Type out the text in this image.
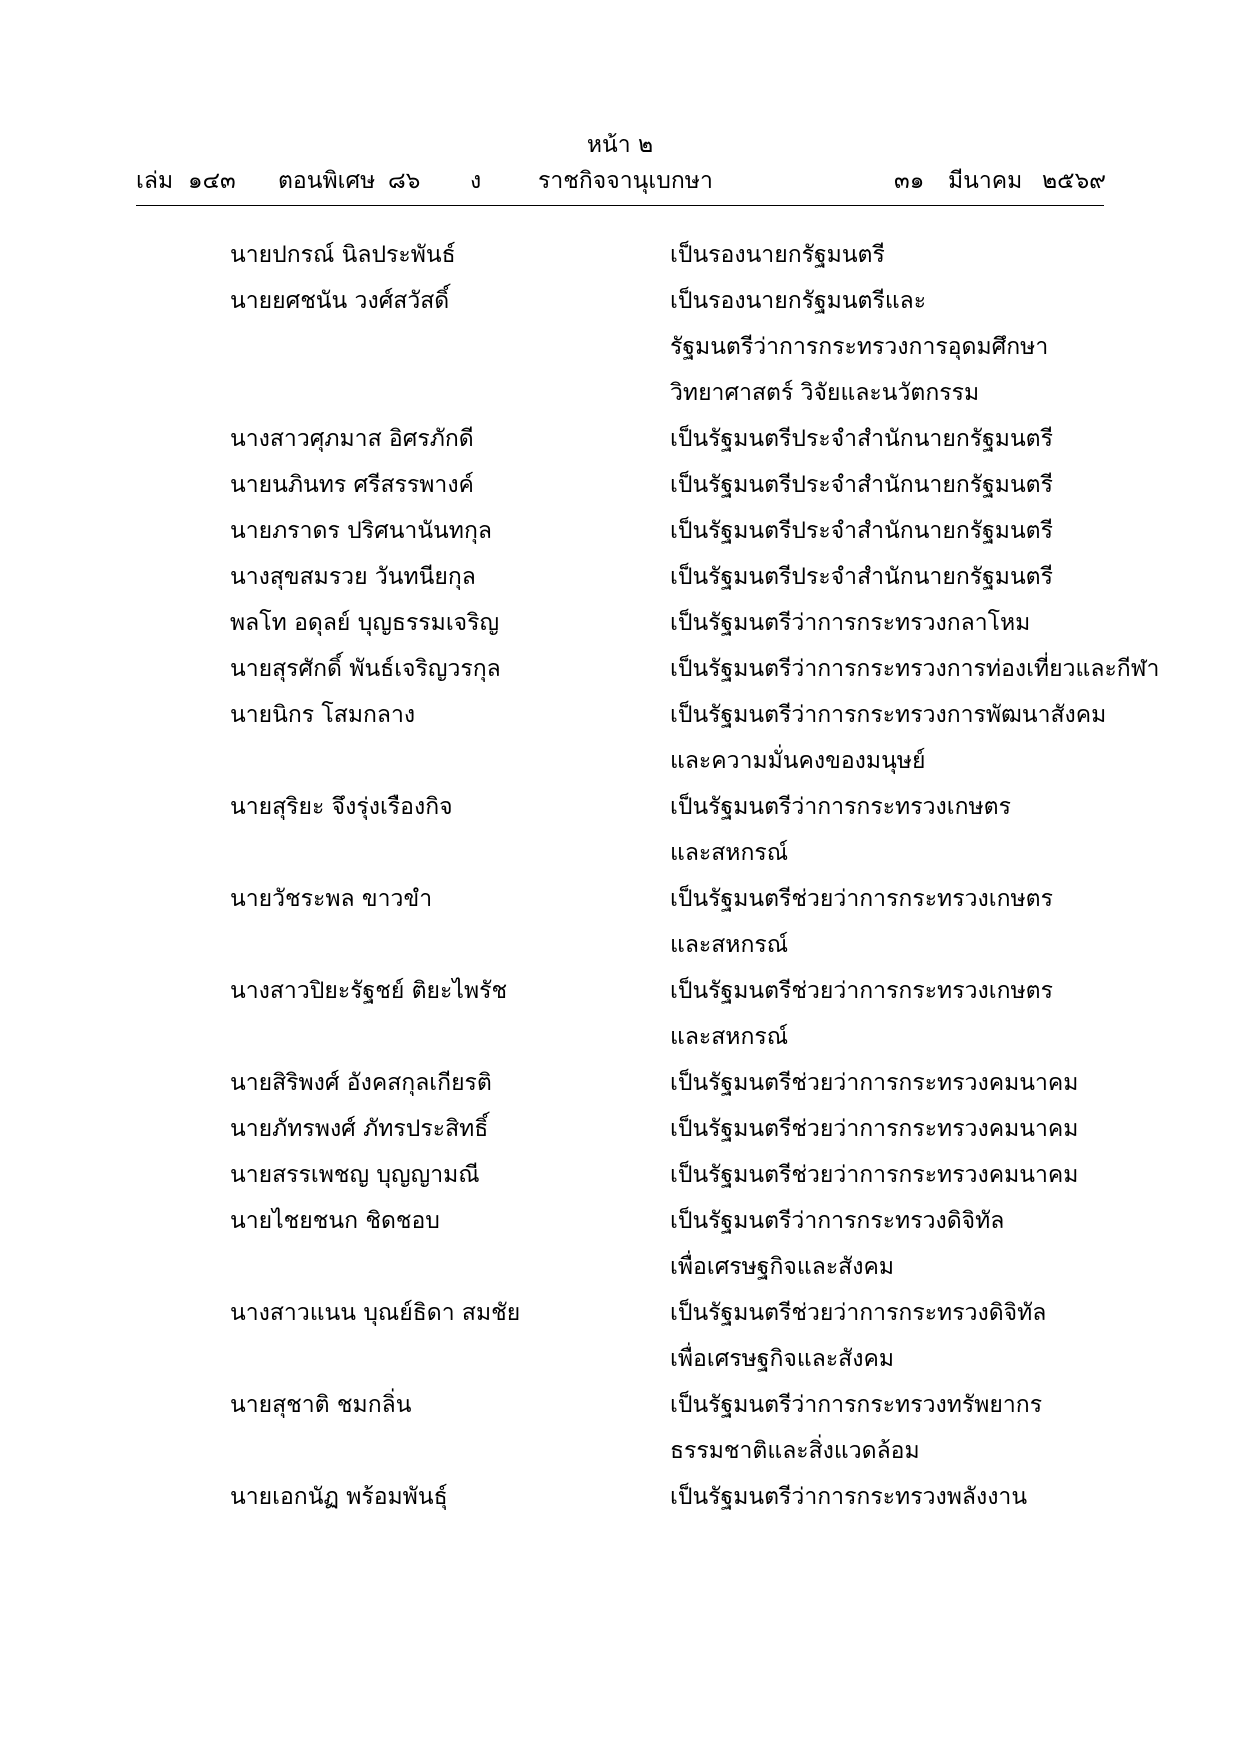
หน้า ๒
เล่ม ๑๔๓ ตอนพิเศษ ๘๖ ง ราชกิจจานุเบกษา	๓๑ มีนาคม ๒๕๖๙
นายปกรณ์ นิลประพันธ์	เป็นรองนายกรัฐมนตรี
นายยศชนัน วงศ์สวัสดิ์	เป็นรองนายกรัฐมนตรีและ
รัฐมนตรีว่าการกระทรวงการอุดมศึกษา
วิทยาศาสตร์ วิจัยและนวัตกรรม
นางสาวศุภมาส อิศรภักดี	เป็นรัฐมนตรีประจำสำนักนายกรัฐมนตรี
นายนภินทร ศรีสรรพางค์	เป็นรัฐมนตรีประจำสำนักนายกรัฐมนตรี
นายภราดร ปริศนานันทกุล	เป็นรัฐมนตรีประจำสำนักนายกรัฐมนตรี
นางสุขสมรวย วันทนียกุล	เป็นรัฐมนตรีประจำสำนักนายกรัฐมนตรี
พลโท อดุลย์ บุญธรรมเจริญ	เป็นรัฐมนตรีว่าการกระทรวงกลาโหม
นายสุรศักดิ์ พันธ์เจริญวรกุล	เป็นรัฐมนตรีว่าการกระทรวงการท่องเที่ยวและกีฬา
นายนิกร โสมกลาง	เป็นรัฐมนตรีว่าการกระทรวงการพัฒนาสังคม
และความมั่นคงของมนุษย์
นายสุริยะ จึงรุ่งเรืองกิจ	เป็นรัฐมนตรีว่าการกระทรวงเกษตร
และสหกรณ์
นายวัชระพล ขาวขำ	เป็นรัฐมนตรีช่วยว่าการกระทรวงเกษตร
และสหกรณ์
นางสาวปิยะรัฐชย์ ติยะไพรัช	เป็นรัฐมนตรีช่วยว่าการกระทรวงเกษตร
และสหกรณ์
นายสิริพงศ์ อังคสกุลเกียรติ	เป็นรัฐมนตรีช่วยว่าการกระทรวงคมนาคม
นายภัทรพงศ์ ภัทรประสิทธิ์	เป็นรัฐมนตรีช่วยว่าการกระทรวงคมนาคม
นายสรรเพชญ บุญญามณี	เป็นรัฐมนตรีช่วยว่าการกระทรวงคมนาคม
นายไชยชนก ชิดชอบ	เป็นรัฐมนตรีว่าการกระทรวงดิจิทัล
เพื่อเศรษฐกิจและสังคม
นางสาวแนน บุณย์ธิดา สมชัย	เป็นรัฐมนตรีช่วยว่าการกระทรวงดิจิทัล
เพื่อเศรษฐกิจและสังคม
นายสุชาติ ชมกลิ่น	เป็นรัฐมนตรีว่าการกระทรวงทรัพยากร
ธรรมชาติและสิ่งแวดล้อม
นายเอกนัฏ พร้อมพันธุ์	เป็นรัฐมนตรีว่าการกระทรวงพลังงาน
